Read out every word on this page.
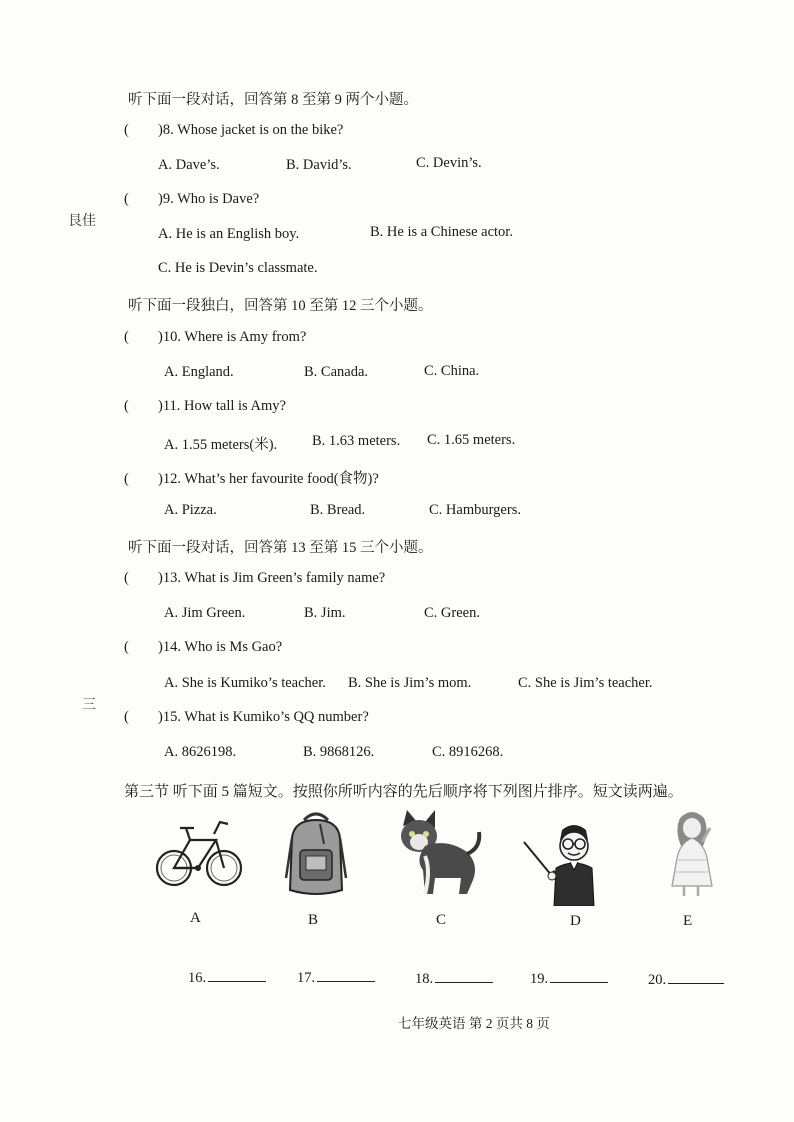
艮佳
三
听下面一段对话，回答第 8 至第 9 两个小题。
( )8. Whose jacket is on the bike?
A. Dave’s.	B. David’s.	C. Devin’s.
( )9. Who is Dave?
A. He is an English boy.	B. He is a Chinese actor.
C. He is Devin’s classmate.
听下面一段独白，回答第 10 至第 12 三个小题。
( )10. Where is Amy from?
A. England.	B. Canada.	C. China.
( )11. How tall is Amy?
A. 1.55 meters(米). B. 1.63 meters. C. 1.65 meters.
( )12. What’s her favourite food(食物)?
A. Pizza.	B. Bread.	C. Hamburgers.
听下面一段对话，回答第 13 至第 15 三个小题。
( )13. What is Jim Green’s family name?
A. Jim Green.	B. Jim.	C. Green.
( )14. Who is Ms Gao?
A. She is Kumiko’s teacher. B. She is Jim’s mom.	C. She is Jim’s teacher.
( )15. What is Kumiko’s QQ number?
A. 8626198.	B. 9868126.	C. 8916268.
第三节 听下面 5 篇短文。按照你所听内容的先后顺序将下列图片排序。短文读两遍。
A	B	C	D	E
16.	17.	18.	19.	20.
七年级英语 第 2 页共 8 页
